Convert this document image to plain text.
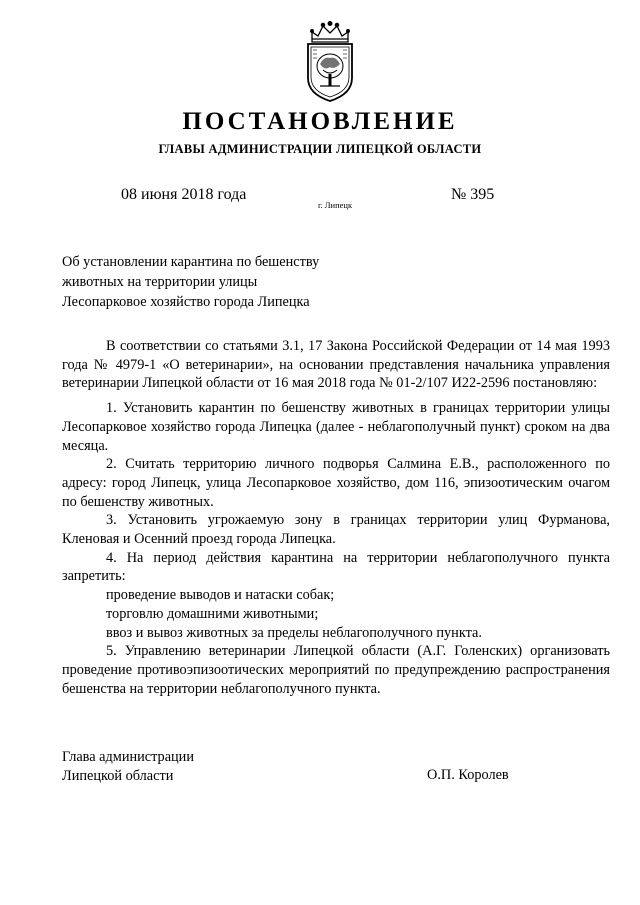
ПОСТАНОВЛЕНИЕ
ГЛАВЫ АДМИНИСТРАЦИИ ЛИПЕЦКОЙ ОБЛАСТИ
08 июня 2018 года
г. Липецк
№ 395
Об установлении карантина по бешенству
животных на территории улицы
Лесопарковое хозяйство города Липецка

В соответствии со статьями 3.1, 17 Закона Российской Федерации от 14 мая 1993 года № 4979-1 «О ветеринарии», на основании представления начальника управления ветеринарии Липецкой области от 16 мая 2018 года № 01-2/107 И22-2596 постановляю:

1. Установить карантин по бешенству животных в границах территории улицы Лесопарковое хозяйство города Липецка (далее - неблагополучный пункт) сроком на два месяца.

2. Считать территорию личного подворья Салмина Е.В., расположенного по адресу: город Липецк, улица Лесопарковое хозяйство, дом 116, эпизоотическим очагом по бешенству животных.

3. Установить угрожаемую зону в границах территории улиц Фурманова, Кленовая и Осенний проезд города Липецка.

4. На период действия карантина на территории неблагополучного пункта запретить:

проведение выводов и натаски собак;

торговлю домашними животными;

ввоз и вывоз животных за пределы неблагополучного пункта.

5. Управлению ветеринарии Липецкой области (А.Г. Голенских) организовать проведение противоэпизоотических мероприятий по предупреждению распространения бешенства на территории неблагополучного пункта.

Глава администрации
Липецкой области	О.П. Королев
